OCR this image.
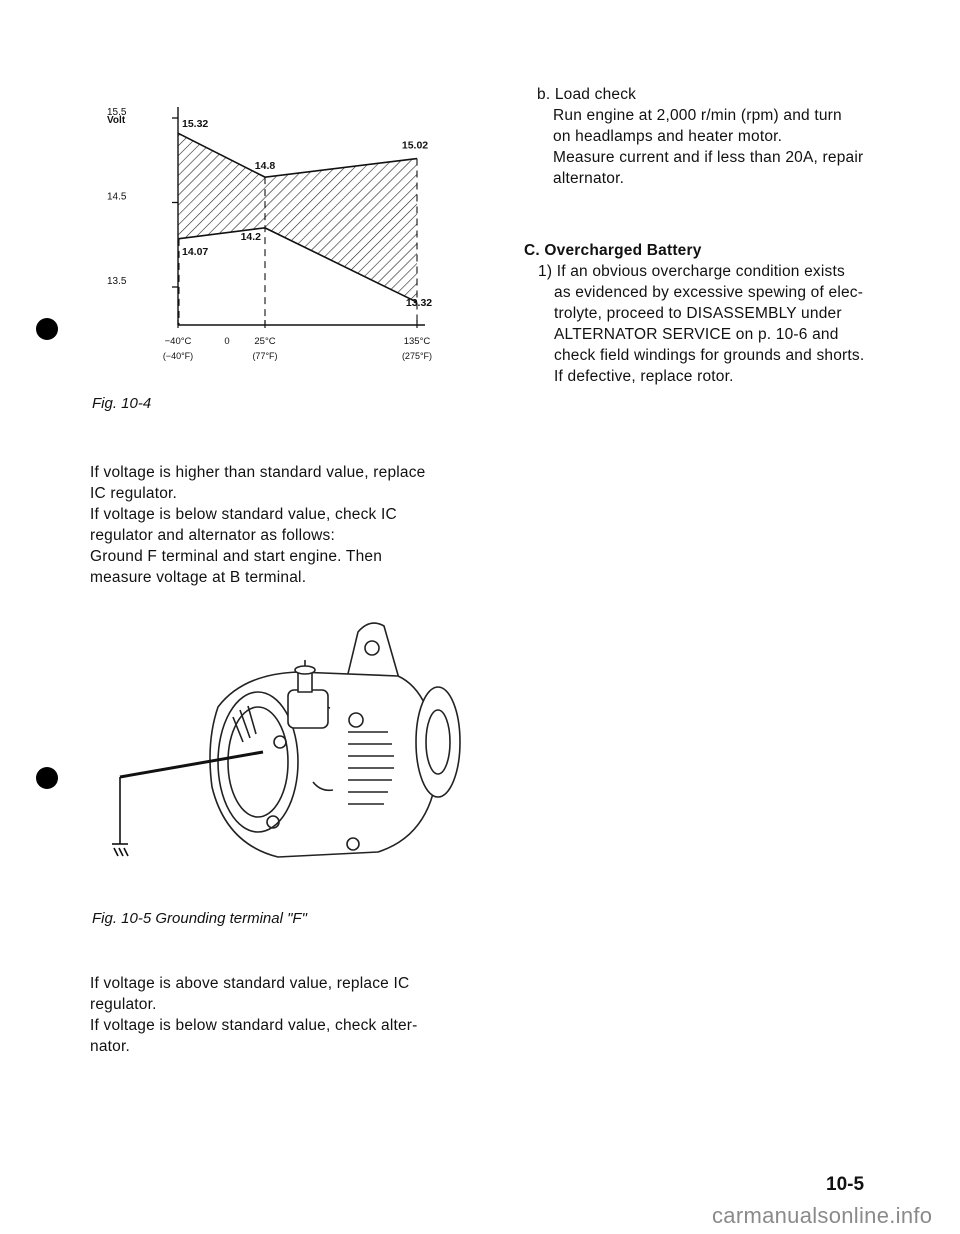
Volt
15.5
14.5
13.5
−40°C
(−40°F)
0	25°C
(77°F)
135°C
(275°F)
15.32
14.8
15.02
14.07
14.2
13.32
Fig. 10-4
If voltage is higher than standard value, replace
IC regulator.
If voltage is below standard value, check IC
regulator and alternator as follows:
Ground F terminal and start engine. Then
measure voltage at B terminal.
Fig. 10-5 Grounding terminal "F"
If voltage is above standard value, replace IC
regulator.
If voltage is below standard value, check alter-
nator.
b. Load check
Run engine at 2,000 r/min (rpm) and turn
on headlamps and heater motor.
Measure current and if less than 20A, repair
alternator.
C. Overcharged Battery
1) If an obvious overcharge condition exists
as evidenced by excessive spewing of elec-
trolyte, proceed to DISASSEMBLY under
ALTERNATOR SERVICE on p. 10-6 and
check field windings for grounds and shorts.
If defective, replace rotor.
10-5
carmanualsonline.info
